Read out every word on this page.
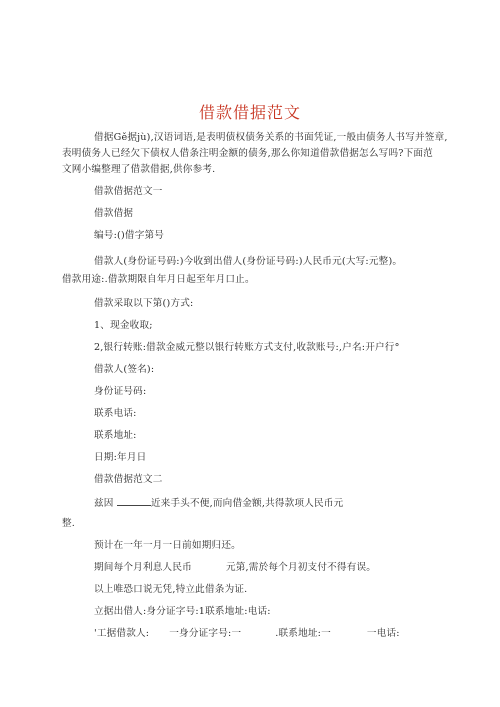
借款借据范文
借据Gě据jù),汉语词语,是表明债权债务关系的书面凭证,一般由债务人书写并签章,
表明债务人已经欠下债权人借条注明金额的债务,那么你知道借款借据怎么写吗?下面范
文网小编整理了借款借据,供你参考.
借款借据范文一
借款借据
编号:()借字第号
借款人(身份证号码:)今收到出借人(身份证号码:)人民币元(大写:元整)。
借款用途:.借款期限自年月日起至年月口止。
借款采取以下第()方式:
1、现金收取;
2,银行转账:借款金威元整以银行转账方式支付,收款账号:,户名:开户行°
借款人(签名):
身份证号码:
联系电话:
联系地址:
日期:年月日
借款借据范文二
兹因	近来手头不便,而向借金额,共得款项人民币元
整.
预计在一年一月一日前如期归还。
期间每个月利息人民币	元第,需於每个月初支付不得有误。
以上唯恐口说无凭,特立此借条为证.
立据出借人:身分证字号:1联系地址:电话:
'工据借款人: 一身分证字号:一	.联系地址:一	一电话:
